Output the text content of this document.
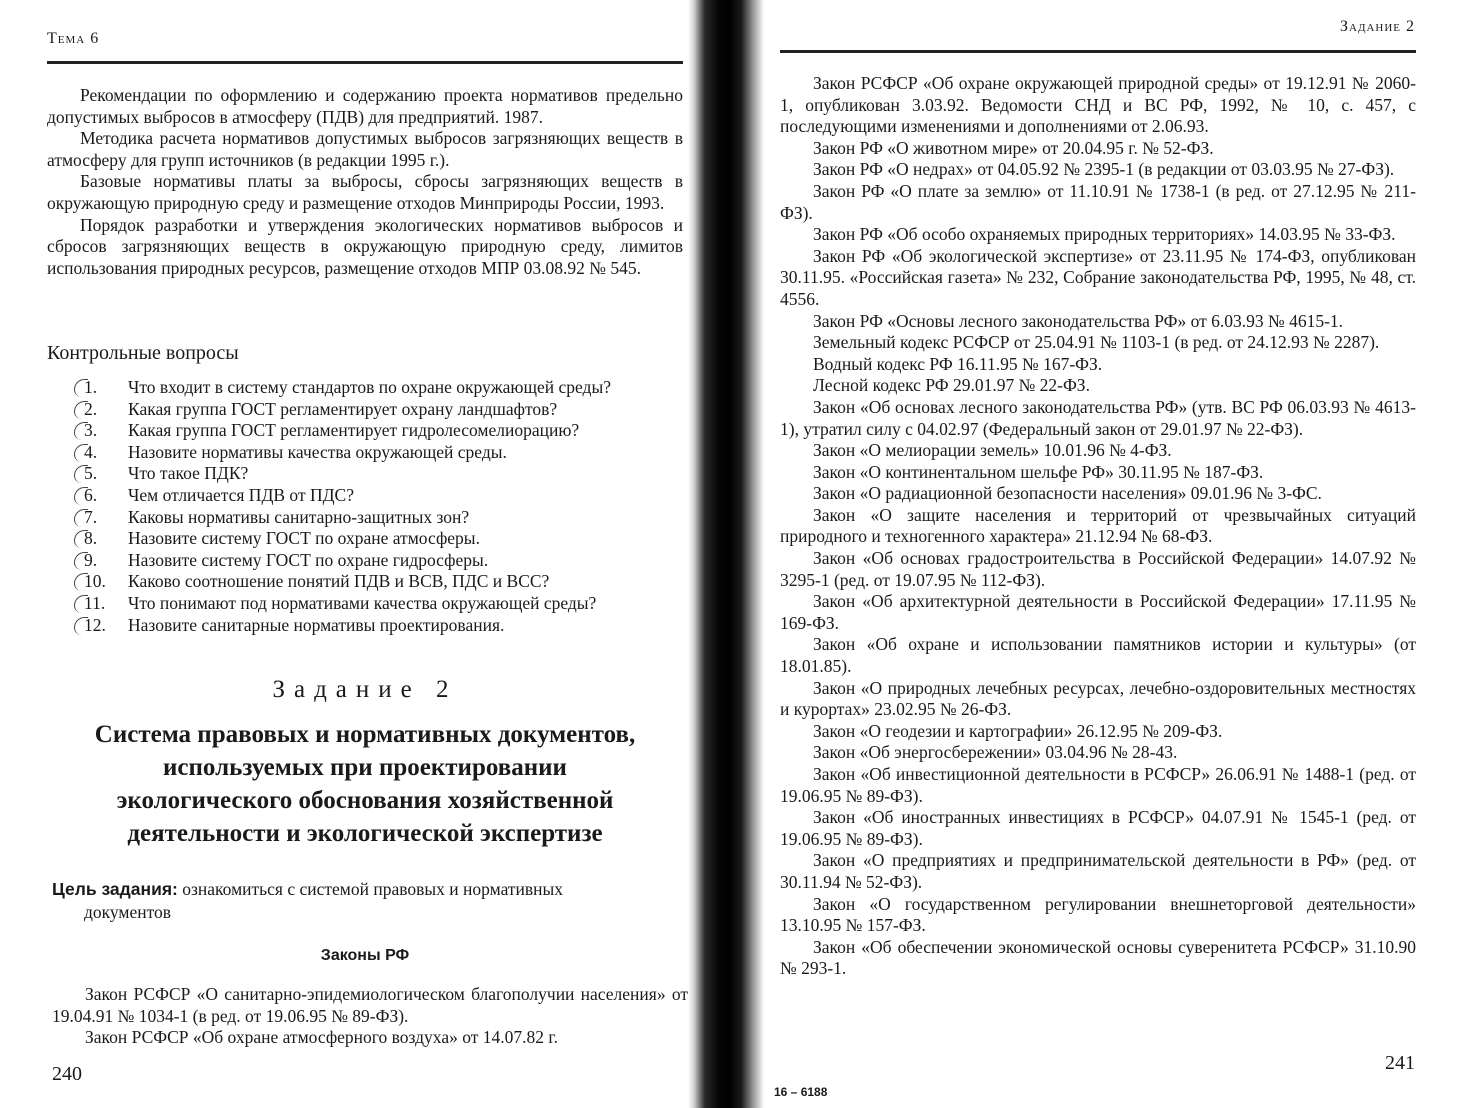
Тема 6

Рекомендации по оформлению и содержанию проекта нормативов предельно допустимых выбросов в атмосферу (ПДВ) для предприятий. 1987.

Методика расчета нормативов допустимых выбросов загрязняющих веществ в атмосферу для групп источников (в редакции 1995 г.).

Базовые нормативы платы за выбросы, сбросы загрязняющих веществ в окружающую природную среду и размещение отходов Минприроды России, 1993.

Порядок разработки и утверждения экологических нормативов выбросов и сбросов загрязняющих веществ в окружающую природную среду, лимитов использования природных ресурсов, размещение отходов МПР 03.08.92 № 545.

Контрольные вопросы
1.	Что входит в систему стандартов по охране окружающей среды?
2.	Какая группа ГОСТ регламентирует охрану ландшафтов?
3.	Какая группа ГОСТ регламентирует гидролесомелиорацию?
4.	Назовите нормативы качества окружающей среды.
5.	Что такое ПДК?
6.	Чем отличается ПДВ от ПДС?
7.	Каковы нормативы санитарно-защитных зон?
8.	Назовите систему ГОСТ по охране атмосферы.
9.	Назовите систему ГОСТ по охране гидросферы.
10.	Каково соотношение понятий ПДВ и ВСВ, ПДС и ВСС?
11.	Что понимают под нормативами качества окружающей среды?
12.	Назовите санитарные нормативы проектирования.
Задание 2
Система правовых и нормативных документов,
используемых при проектировании
экологического обоснования хозяйственной
деятельности и экологической экспертизе
Цель задания: ознакомиться с системой правовых и нормативных
документов
Законы РФ

Закон РСФСР «О санитарно-эпидемиологическом благополучии населения» от 19.04.91 № 1034-1 (в ред. от 19.06.95 № 89-ФЗ).

Закон РСФСР «Об охране атмосферного воздуха» от 14.07.82 г.

240
Задание 2

Закон РСФСР «Об охране окружающей природной среды» от 19.12.91 № 2060-1, опубликован 3.03.92. Ведомости СНД и ВС РФ, 1992, № 10, с. 457, с последующими изменениями и дополнениями от 2.06.93.

Закон РФ «О животном мире» от 20.04.95 г. № 52-ФЗ.

Закон РФ «О недрах» от 04.05.92 № 2395-1 (в редакции от 03.03.95 № 27-ФЗ).

Закон РФ «О плате за землю» от 11.10.91 № 1738-1 (в ред. от 27.12.95 № 211-ФЗ).

Закон РФ «Об особо охраняемых природных территориях» 14.03.95 № 33-ФЗ.

Закон РФ «Об экологической экспертизе» от 23.11.95 № 174-ФЗ, опубликован 30.11.95. «Российская газета» № 232, Собрание законодательства РФ, 1995, № 48, ст. 4556.

Закон РФ «Основы лесного законодательства РФ» от 6.03.93 № 4615-1.

Земельный кодекс РСФСР от 25.04.91 № 1103-1 (в ред. от 24.12.93 № 2287).

Водный кодекс РФ 16.11.95 № 167-ФЗ.

Лесной кодекс РФ 29.01.97 № 22-ФЗ.

Закон «Об основах лесного законодательства РФ» (утв. ВС РФ 06.03.93 № 4613-1), утратил силу с 04.02.97 (Федеральный закон от 29.01.97 № 22-ФЗ).

Закон «О мелиорации земель» 10.01.96 № 4-ФЗ.

Закон «О континентальном шельфе РФ» 30.11.95 № 187-ФЗ.

Закон «О радиационной безопасности населения» 09.01.96 № 3-ФС.

Закон «О защите населения и территорий от чрезвычайных ситуаций природного и техногенного характера» 21.12.94 № 68-ФЗ.

Закон «Об основах градостроительства в Российской Федерации» 14.07.92 № 3295-1 (ред. от 19.07.95 № 112-ФЗ).

Закон «Об архитектурной деятельности в Российской Федерации» 17.11.95 № 169-ФЗ.

Закон «Об охране и использовании памятников истории и культуры» (от 18.01.85).

Закон «О природных лечебных ресурсах, лечебно-оздоровительных местностях и курортах» 23.02.95 № 26-ФЗ.

Закон «О геодезии и картографии» 26.12.95 № 209-ФЗ.

Закон «Об энергосбережении» 03.04.96 № 28-43.

Закон «Об инвестиционной деятельности в РСФСР» 26.06.91 № 1488-1 (ред. от 19.06.95 № 89-ФЗ).

Закон «Об иностранных инвестициях в РСФСР» 04.07.91 № 1545-1 (ред. от 19.06.95 № 89-ФЗ).

Закон «О предприятиях и предпринимательской деятельности в РФ» (ред. от 30.11.94 № 52-ФЗ).

Закон «О государственном регулировании внешнеторговой деятельности» 13.10.95 № 157-ФЗ.

Закон «Об обеспечении экономической основы суверенитета РСФСР» 31.10.90 № 293-1.

241
16 – 6188
